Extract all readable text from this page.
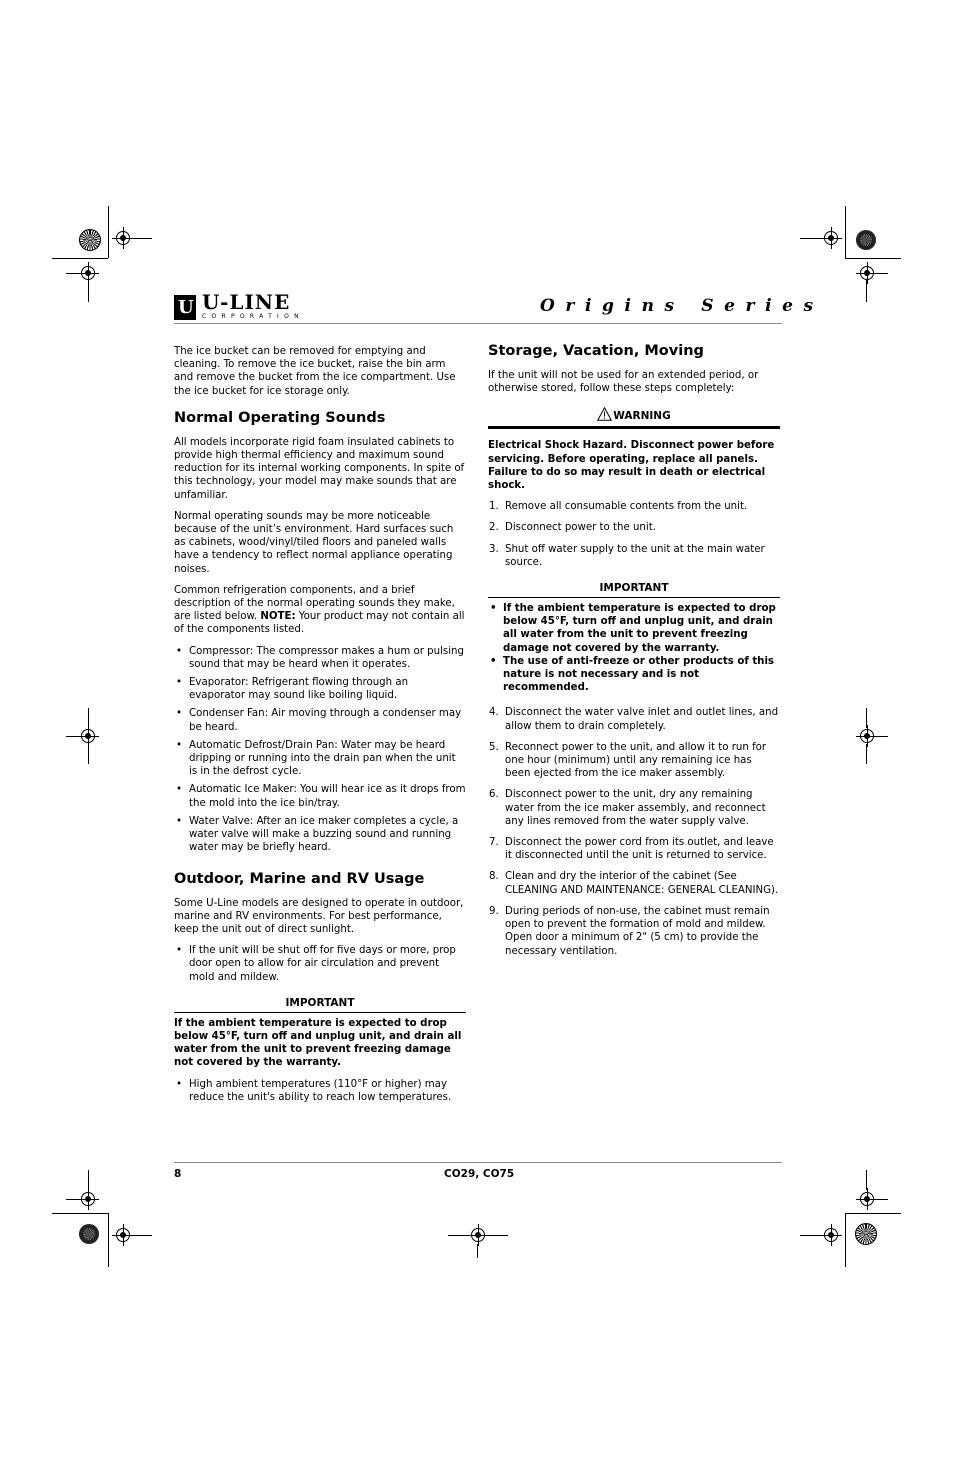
U U-LINE
CORPORATION
Origins Series

The ice bucket can be removed for emptying and cleaning. To remove the ice bucket, raise the bin arm and remove the bucket from the ice compartment. Use the ice bucket for ice storage only.

Normal Operating Sounds

All models incorporate rigid foam insulated cabinets to provide high thermal efficiency and maximum sound reduction for its internal working components. In spite of this technology, your model may make sounds that are unfamiliar.

Normal operating sounds may be more noticeable because of the unit’s environment. Hard surfaces such as cabinets, wood/vinyl/tiled floors and paneled walls have a tendency to reflect normal appliance operating noises.

Common refrigeration components, and a brief description of the normal operating sounds they make, are listed below. NOTE: Your product may not contain all of the components listed.

• Compressor: The compressor makes a hum or pulsing sound that may be heard when it operates.
• Evaporator: Refrigerant flowing through an evaporator may sound like boiling liquid.
• Condenser Fan: Air moving through a condenser may be heard.
• Automatic Defrost/Drain Pan: Water may be heard dripping or running into the drain pan when the unit is in the defrost cycle.
• Automatic Ice Maker: You will hear ice as it drops from the mold into the ice bin/tray.
• Water Valve: After an ice maker completes a cycle, a water valve will make a buzzing sound and running water may be briefly heard.
Outdoor, Marine and RV Usage

Some U-Line models are designed to operate in outdoor, marine and RV environments. For best performance, keep the unit out of direct sunlight.

• If the unit will be shut off for five days or more, prop door open to allow for air circulation and prevent mold and mildew.
IMPORTANT

If the ambient temperature is expected to drop below 45°F, turn off and unplug unit, and drain all water from the unit to prevent freezing damage not covered by the warranty.

• High ambient temperatures (110°F or higher) may reduce the unit's ability to reach low temperatures.
Storage, Vacation, Moving

If the unit will not be used for an extended period, or otherwise stored, follow these steps completely:

WARNING

Electrical Shock Hazard. Disconnect power before servicing. Before operating, replace all panels. Failure to do so may result in death or electrical shock.

1. Remove all consumable contents from the unit.
2. Disconnect power to the unit.
3. Shut off water supply to the unit at the main water source.
IMPORTANT
• If the ambient temperature is expected to drop below 45°F, turn off and unplug unit, and drain all water from the unit to prevent freezing damage not covered by the warranty.
• The use of anti-freeze or other products of this nature is not necessary and is not recommended.
4. Disconnect the water valve inlet and outlet lines, and allow them to drain completely.
5. Reconnect power to the unit, and allow it to run for one hour (minimum) until any remaining ice has been ejected from the ice maker assembly.
6. Disconnect power to the unit, dry any remaining water from the ice maker assembly, and reconnect any lines removed from the water supply valve.
7. Disconnect the power cord from its outlet, and leave it disconnected until the unit is returned to service.
8. Clean and dry the interior of the cabinet (See CLEANING AND MAINTENANCE: GENERAL CLEANING).
9. During periods of non-use, the cabinet must remain open to prevent the formation of mold and mildew. Open door a minimum of 2" (5 cm) to provide the necessary ventilation.
8	CO29, CO75
